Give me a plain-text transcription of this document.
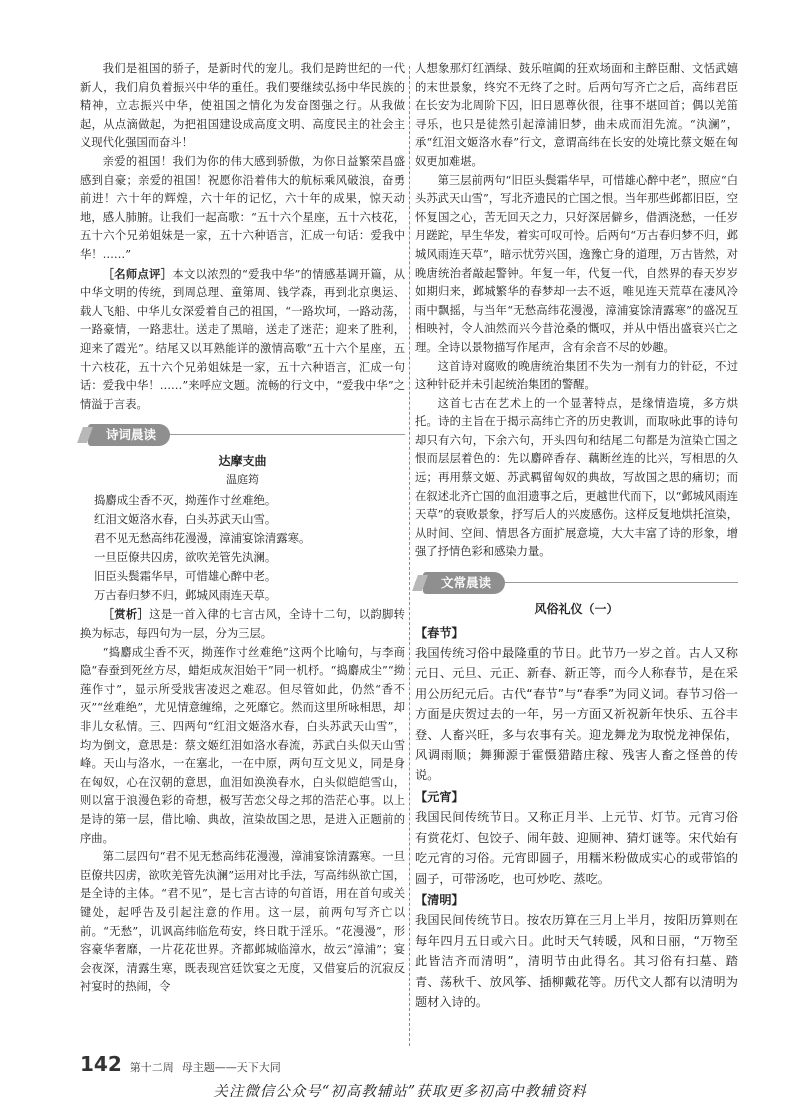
我们是祖国的骄子，是新时代的宠儿。我们是跨世纪的一代新人，我们肩负着振兴中华的重任。我们要继续弘扬中华民族的精神，立志振兴中华，使祖国之情化为发奋图强之行。从我做起，从点滴做起，为把祖国建设成高度文明、高度民主的社会主义现代化强国而奋斗！

亲爱的祖国！我们为你的伟大感到骄傲，为你日益繁荣昌盛感到自豪；亲爱的祖国！祝愿你沿着伟大的航标乘风破浪，奋勇前进！六十年的辉煌，六十年的记忆，六十年的成果，惊天动地，感人肺腑。让我们一起高歌：“五十六个星座，五十六枝花，五十六个兄弟姐妹是一家，五十六种语言，汇成一句话：爱我中华！……”

［名师点评］本文以浓烈的“爱我中华”的情感基调开篇，从中华文明的传统，到周总理、童第周、钱学森，再到北京奥运、载人飞船、中华儿女深爱着自己的祖国，“一路坎坷，一路动荡，一路豪情，一路悲壮。送走了黑暗，送走了迷茫；迎来了胜利，迎来了霞光”。结尾又以耳熟能详的激情高歌“五十六个星座，五十六枝花，五十六个兄弟姐妹是一家，五十六种语言，汇成一句话：爱我中华！……”来呼应文题。流畅的行文中，“爱我中华”之情溢于言表。

诗词晨读
达摩支曲
温庭筠
捣麝成尘香不灭，拗莲作寸丝难绝。
红泪文姬洛水春，白头苏武天山雪。
君不见无愁高纬花漫漫，漳浦宴馀清露寒。
一旦臣僚共囚虏，欲吹羌管先汍澜。
旧臣头鬓霜华早，可惜雄心醉中老。
万古春归梦不归，邺城风雨连天草。

［赏析］这是一首入律的七言古风，全诗十二句，以韵脚转换为标志，每四句为一层，分为三层。

“捣麝成尘香不灭，拗莲作寸丝难绝”这两个比喻句，与李商隐“春蚕到死丝方尽，蜡炬成灰泪始干”同一机杼。“捣麝成尘”“拗莲作寸”，显示所受戕害凌迟之难忍。但尽管如此，仍然“香不灭”“丝难绝”，尤见情意缠绵，之死靡它。然而这里所咏相思，却非儿女私情。三、四两句“红泪文姬洛水春，白头苏武天山雪”，均为倒文，意思是：蔡文姬红泪如洛水春流，苏武白头似天山雪峰。天山与洛水，一在塞北，一在中原，两句互文见义，同是身在匈奴，心在汉朝的意思，血泪如涣涣春水，白头似皑皑雪山，则以富于浪漫色彩的奇想，极写苦恋父母之邦的浩茫心事。以上是诗的第一层，借比喻、典故，渲染故国之思，是进入正题前的序曲。

第二层四句“君不见无愁高纬花漫漫，漳浦宴馀清露寒。一旦臣僚共囚虏，欲吹羌管先汍澜”运用对比手法，写高纬纵欲亡国，是全诗的主体。“君不见”，是七言古诗的句首语，用在首句或关键处，起呼告及引起注意的作用。这一层，前两句写齐亡以前。“无愁”，讥讽高纬临危苟安，终日耽于淫乐。“花漫漫”，形容豪华奢靡，一片花花世界。齐都邺城临漳水，故云“漳浦”；宴会夜深，清露生寒，既表现宫廷饮宴之无度，又借宴后的沉寂反衬宴时的热闹，令

人想象那灯红酒绿、鼓乐喧阗的狂欢场面和主醉臣酣、文恬武嬉的末世景象，终究不无终了之时。后两句写齐亡之后，高纬君臣在长安为北周阶下囚，旧日恩尊伙很，往事不堪回首；偶以羌笛寻乐，也只是徒然引起漳浦旧梦，曲未成而泪先流。“汍澜”，承“红泪文姬洛水春”行文，意谓高纬在长安的处境比蔡文姬在匈奴更加难堪。

第三层前两句“旧臣头鬓霜华早，可惜雄心醉中老”，照应“白头苏武天山雪”，写北齐遗民的亡国之恨。当年那些邺都旧臣，空怀复国之心，苦无回天之力，只好深居僻乡，借酒浇愁，一任岁月蹉跎，早生华发，着实可叹可怜。后两句“万古春归梦不归，邺城风雨连天草”，暗示忧劳兴国，逸豫亡身的道理，万古皆然，对晚唐统治者敲起警钟。年复一年，代复一代，自然界的春天岁岁如期归来，邺城繁华的春梦却一去不返，唯见连天荒草在凄风冷雨中飘摇，与当年“无愁高纬花漫漫，漳浦宴馀清露寒”的盛况互相映衬，令人油然而兴今昔沧桑的慨叹，并从中悟出盛衰兴亡之理。全诗以景物描写作尾声，含有余音不尽的妙趣。

这首诗对腐败的晚唐统治集团不失为一剂有力的针砭，不过这种针砭并未引起统治集团的警醒。

这首七古在艺术上的一个显著特点，是缘情造境，多方烘托。诗的主旨在于揭示高纬亡齐的历史教训，而取咏此事的诗句却只有六句，下余六句，开头四句和结尾二句都是为渲染亡国之恨而层层着色的：先以麝碎香存、藕断丝连的比兴，写相思的久远；再用蔡文姬、苏武羁留匈奴的典故，写故国之思的痛切；而在叙述北齐亡国的血泪遗事之后，更越世代而下，以“邺城风雨连天草”的衰败景象，抒写后人的兴废感伤。这样反复地烘托渲染，从时间、空间、情思各方面扩展意境，大大丰富了诗的形象，增强了抒情色彩和感染力量。

文常晨读
风俗礼仪（一）
【春节】

我国传统习俗中最隆重的节日。此节乃一岁之首。古人又称元日、元旦、元正、新春、新正等，而今人称春节，是在采用公历纪元后。古代“春节”与“春季”为同义词。春节习俗一方面是庆贺过去的一年，另一方面又祈祝新年快乐、五谷丰登、人畜兴旺，多与农事有关。迎龙舞龙为取悦龙神保佑，风调雨顺；舞狮源于霍慑猎踏庄稼、残害人畜之怪兽的传说。

【元宵】

我国民间传统节日。又称正月半、上元节、灯节。元宵习俗有赏花灯、包饺子、闹年鼓、迎厕神、猜灯谜等。宋代始有吃元宵的习俗。元宵即圆子，用糯米粉做成实心的或带馅的圆子，可带汤吃，也可炒吃、蒸吃。

【清明】

我国民间传统节日。按农历算在三月上半月，按阳历算则在每年四月五日或六日。此时天气转暖，风和日丽，“万物至此皆洁齐而清明”，清明节由此得名。其习俗有扫墓、踏青、荡秋千、放风筝、插柳戴花等。历代文人都有以清明为题材入诗的。

142 第十二周 母主题——天下大同
关注微信公众号“初高教辅站”获取更多初高中教辅资料
